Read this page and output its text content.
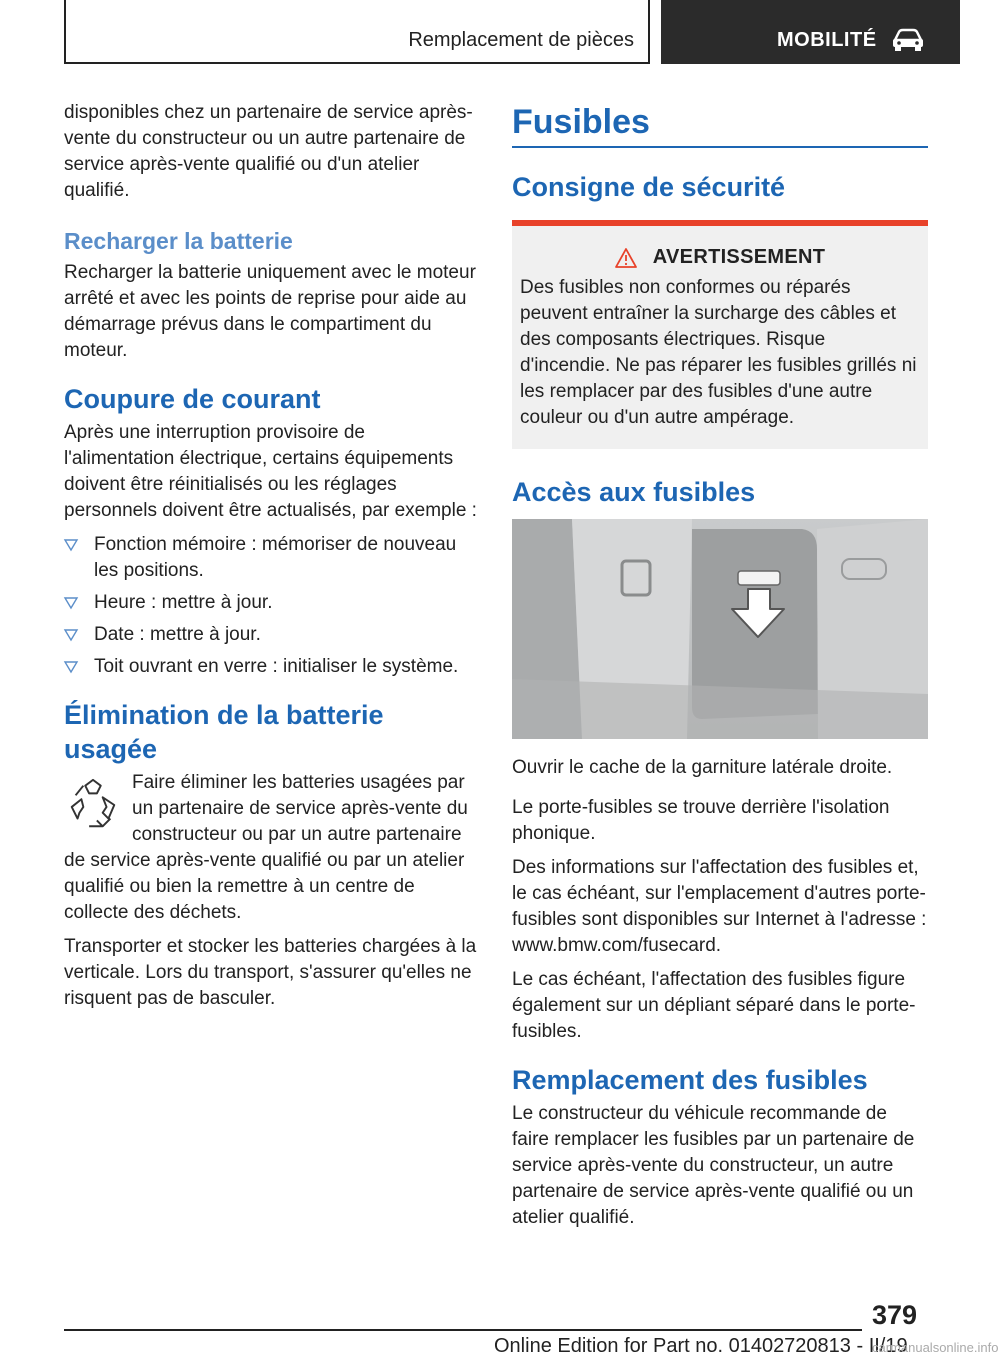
Remplacement de pièces	MOBILITÉ

disponibles chez un partenaire de service après-vente du constructeur ou un autre partenaire de service après-vente qualifié ou d'un atelier qualifié.

Recharger la batterie

Recharger la batterie uniquement avec le moteur arrêté et avec les points de reprise pour aide au démarrage prévus dans le compartiment du moteur.

Coupure de courant

Après une interruption provisoire de l'alimentation électrique, certains équipements doivent être réinitialisés ou les réglages personnels doivent être actualisés, par exemple :

Fonction mémoire : mémoriser de nouveau les positions.
Heure : mettre à jour.
Date : mettre à jour.
Toit ouvrant en verre : initialiser le système.
Élimination de la batterie usagée

Faire éliminer les batteries usagées par un partenaire de service après-vente du constructeur ou par un autre partenaire de service après-vente qualifié ou par un atelier qualifié ou bien la remettre à un centre de collecte des déchets.

Transporter et stocker les batteries chargées à la verticale. Lors du transport, s'assurer qu'elles ne risquent pas de basculer.

Fusibles
Consigne de sécurité
AVERTISSEMENT

Des fusibles non conformes ou réparés peuvent entraîner la surcharge des câbles et des composants électriques. Risque d'incendie. Ne pas réparer les fusibles grillés ni les remplacer par des fusibles d'une autre couleur ou d'un autre ampérage.

Accès aux fusibles

Ouvrir le cache de la garniture latérale droite.

Le porte-fusibles se trouve derrière l'isolation phonique.

Des informations sur l'affectation des fusibles et, le cas échéant, sur l'emplacement d'autres porte-fusibles sont disponibles sur Internet à l'adresse : www.bmw.com/fusecard.

Le cas échéant, l'affectation des fusibles figure également sur un dépliant séparé dans le porte-fusibles.

Remplacement des fusibles

Le constructeur du véhicule recommande de faire remplacer les fusibles par un partenaire de service après-vente du constructeur, un autre partenaire de service après-vente qualifié ou un atelier qualifié.

379
Online Edition for Part no. 01402720813 - II/19
carmanualsonline.info
